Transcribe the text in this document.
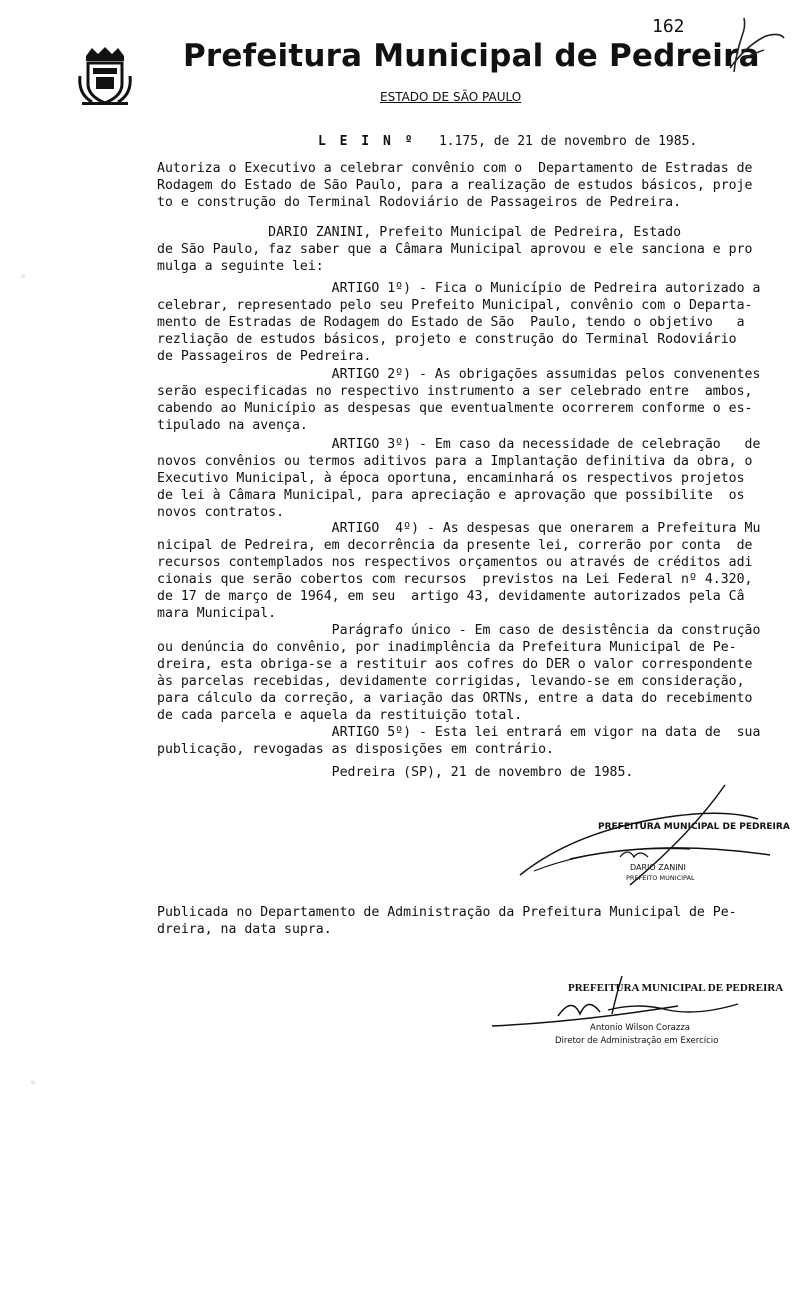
162
Prefeitura Municipal de Pedreira
ESTADO DE SÃO PAULO
L E I N º 1.175, de 21 de novembro de 1985.
Autoriza o Executivo a celebrar convênio com o  Departamento de Estradas de
Rodagem do Estado de São Paulo, para a realização de estudos básicos, proje
to e construção do Terminal Rodoviário de Passageiros de Pedreira.
DARIO ZANINI, Prefeito Municipal de Pedreira, Estado
de São Paulo, faz saber que a Câmara Municipal aprovou e ele sanciona e pro
mulga a seguinte lei:
ARTIGO 1º) - Fica o Município de Pedreira autorizado a
celebrar, representado pelo seu Prefeito Municipal, convênio com o Departa-
mento de Estradas de Rodagem do Estado de São  Paulo, tendo o objetivo   a
rezliação de estudos básicos, projeto e construção do Terminal Rodoviário
de Passageiros de Pedreira.
ARTIGO 2º) - As obrigações assumidas pelos convenentes
serão especificadas no respectivo instrumento a ser celebrado entre  ambos,
cabendo ao Município as despesas que eventualmente ocorrerem conforme o es-
tipulado na avença.
ARTIGO 3º) - Em caso da necessidade de celebração   de
novos convênios ou termos aditivos para a Implantação definitiva da obra, o
Executivo Municipal, à época oportuna, encaminhará os respectivos projetos
de lei à Câmara Municipal, para apreciação e aprovação que possibilite  os
novos contratos.
ARTIGO  4º) - As despesas que onerarem a Prefeitura Mu
nicipal de Pedreira, em decorrência da presente lei, correrão por conta  de
recursos contemplados nos respectivos orçamentos ou através de créditos adi
cionais que serão cobertos com recursos  previstos na Lei Federal nº 4.320,
de 17 de março de 1964, em seu  artigo 43, devidamente autorizados pela Câ
mara Municipal.
Parágrafo único - Em caso de desistência da construção
ou denúncia do convênio, por inadimplência da Prefeitura Municipal de Pe-
dreira, esta obriga-se a restituir aos cofres do DER o valor correspondente
às parcelas recebidas, devidamente corrigidas, levando-se em consideração,
para cálculo da correção, a variação das ORTNs, entre a data do recebimento
de cada parcela e aquela da restituição total.
ARTIGO 5º) - Esta lei entrará em vigor na data de  sua
publicação, revogadas as disposições em contrário.
Pedreira (SP), 21 de novembro de 1985.
PREFEITURA MUNICIPAL DE PEDREIRA
DARIO ZANINI
PREFEITO MUNICIPAL
Publicada no Departamento de Administração da Prefeitura Municipal de Pe-
dreira, na data supra.
PREFEITURA MUNICIPAL DE PEDREIRA
Antonio Wilson Corazza
Diretor de Administração em Exercício
◦
◦
